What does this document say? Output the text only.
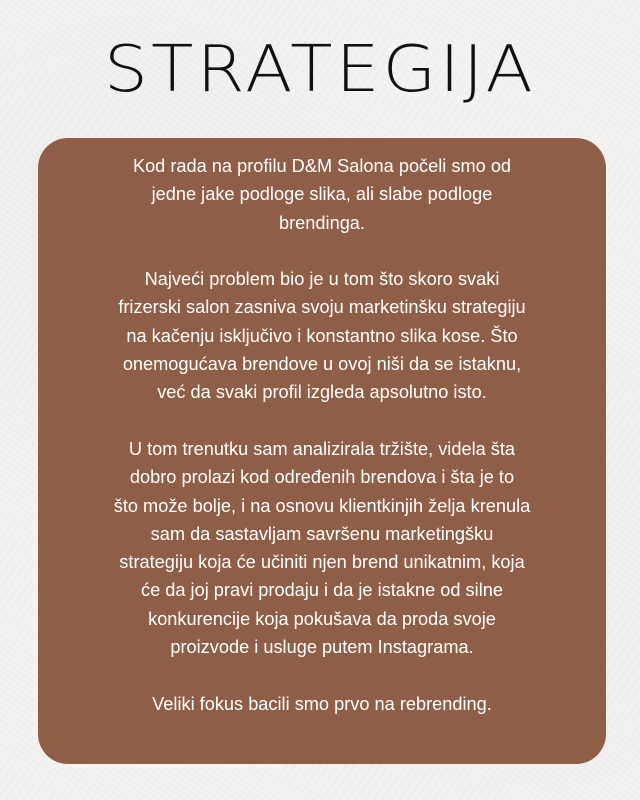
STRATEGIJA

Kod rada na profilu D&M Salona počeli smo od
jedne jake podloge slika, ali slabe podloge
brendinga.

Najveći problem bio je u tom što skoro svaki
frizerski salon zasniva svoju marketinšku strategiju
na kačenju isključivo i konstantno slika kose. Što
onemogućava brendove u ovoj niši da se istaknu,
već da svaki profil izgleda apsolutno isto.

U tom trenutku sam analizirala tržište, videla šta
dobro prolazi kod određenih brendova i šta je to
što može bolje, i na osnovu klientkinjih želja krenula
sam da sastavljam savršenu marketingšku
strategiju koja će učiniti njen brend unikatnim, koja
će da joj pravi prodaju i da je istakne od silne
konkurencije koja pokušava da proda svoje
proizvode i usluge putem Instagrama.

Veliki fokus bacili smo prvo na rebrending.
